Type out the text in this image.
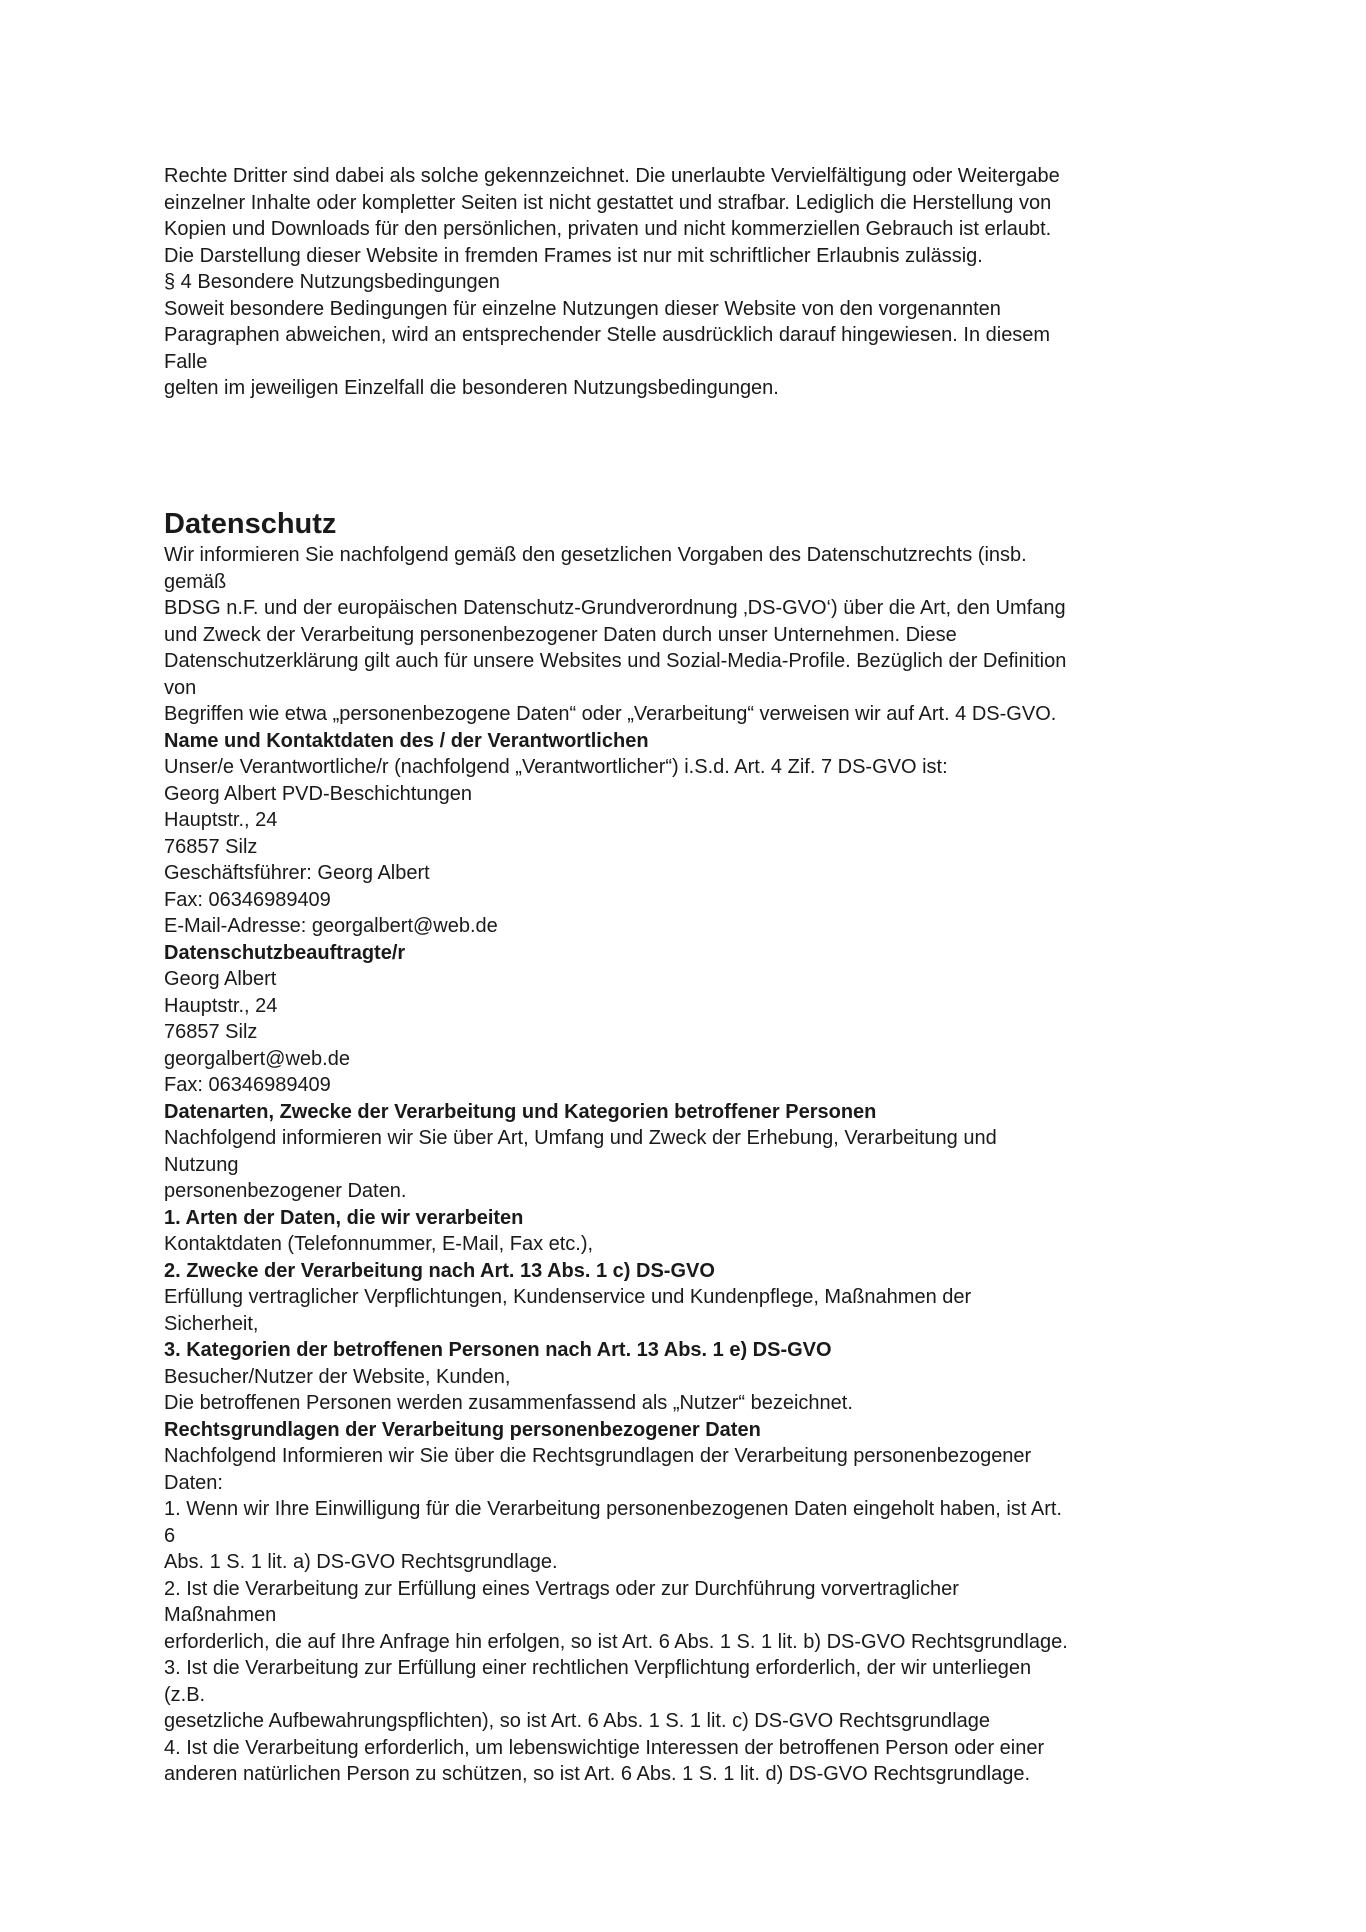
Rechte Dritter sind dabei als solche gekennzeichnet. Die unerlaubte Vervielfältigung oder Weitergabe
einzelner Inhalte oder kompletter Seiten ist nicht gestattet und strafbar. Lediglich die Herstellung von
Kopien und Downloads für den persönlichen, privaten und nicht kommerziellen Gebrauch ist erlaubt.
Die Darstellung dieser Website in fremden Frames ist nur mit schriftlicher Erlaubnis zulässig.
§ 4 Besondere Nutzungsbedingungen
Soweit besondere Bedingungen für einzelne Nutzungen dieser Website von den vorgenannten
Paragraphen abweichen, wird an entsprechender Stelle ausdrücklich darauf hingewiesen. In diesem
Falle
gelten im jeweiligen Einzelfall die besonderen Nutzungsbedingungen.
Datenschutz
Wir informieren Sie nachfolgend gemäß den gesetzlichen Vorgaben des Datenschutzrechts (insb.
gemäß
BDSG n.F. und der europäischen Datenschutz-Grundverordnung ‚DS-GVO‘) über die Art, den Umfang
und Zweck der Verarbeitung personenbezogener Daten durch unser Unternehmen. Diese
Datenschutzerklärung gilt auch für unsere Websites und Sozial-Media-Profile. Bezüglich der Definition
von
Begriffen wie etwa „personenbezogene Daten“ oder „Verarbeitung“ verweisen wir auf Art. 4 DS-GVO.
Name und Kontaktdaten des / der Verantwortlichen
Unser/e Verantwortliche/r (nachfolgend „Verantwortlicher“) i.S.d. Art. 4 Zif. 7 DS-GVO ist:
Georg Albert PVD-Beschichtungen
Hauptstr., 24
76857 Silz
Geschäftsführer: Georg Albert
Fax: 06346989409
E-Mail-Adresse: georgalbert@web.de
Datenschutzbeauftragte/r
Georg Albert
Hauptstr., 24
76857 Silz
georgalbert@web.de
Fax: 06346989409
Datenarten, Zwecke der Verarbeitung und Kategorien betroffener Personen
Nachfolgend informieren wir Sie über Art, Umfang und Zweck der Erhebung, Verarbeitung und
Nutzung
personenbezogener Daten.
1. Arten der Daten, die wir verarbeiten
Kontaktdaten (Telefonnummer, E-Mail, Fax etc.),
2. Zwecke der Verarbeitung nach Art. 13 Abs. 1 c) DS-GVO
Erfüllung vertraglicher Verpflichtungen, Kundenservice und Kundenpflege, Maßnahmen der
Sicherheit,
3. Kategorien der betroffenen Personen nach Art. 13 Abs. 1 e) DS-GVO
Besucher/Nutzer der Website, Kunden,
Die betroffenen Personen werden zusammenfassend als „Nutzer“ bezeichnet.
Rechtsgrundlagen der Verarbeitung personenbezogener Daten
Nachfolgend Informieren wir Sie über die Rechtsgrundlagen der Verarbeitung personenbezogener
Daten:
1. Wenn wir Ihre Einwilligung für die Verarbeitung personenbezogenen Daten eingeholt haben, ist Art.
6
Abs. 1 S. 1 lit. a) DS-GVO Rechtsgrundlage.
2. Ist die Verarbeitung zur Erfüllung eines Vertrags oder zur Durchführung vorvertraglicher
Maßnahmen
erforderlich, die auf Ihre Anfrage hin erfolgen, so ist Art. 6 Abs. 1 S. 1 lit. b) DS-GVO Rechtsgrundlage.
3. Ist die Verarbeitung zur Erfüllung einer rechtlichen Verpflichtung erforderlich, der wir unterliegen
(z.B.
gesetzliche Aufbewahrungspflichten), so ist Art. 6 Abs. 1 S. 1 lit. c) DS-GVO Rechtsgrundlage
4. Ist die Verarbeitung erforderlich, um lebenswichtige Interessen der betroffenen Person oder einer
anderen natürlichen Person zu schützen, so ist Art. 6 Abs. 1 S. 1 lit. d) DS-GVO Rechtsgrundlage.
